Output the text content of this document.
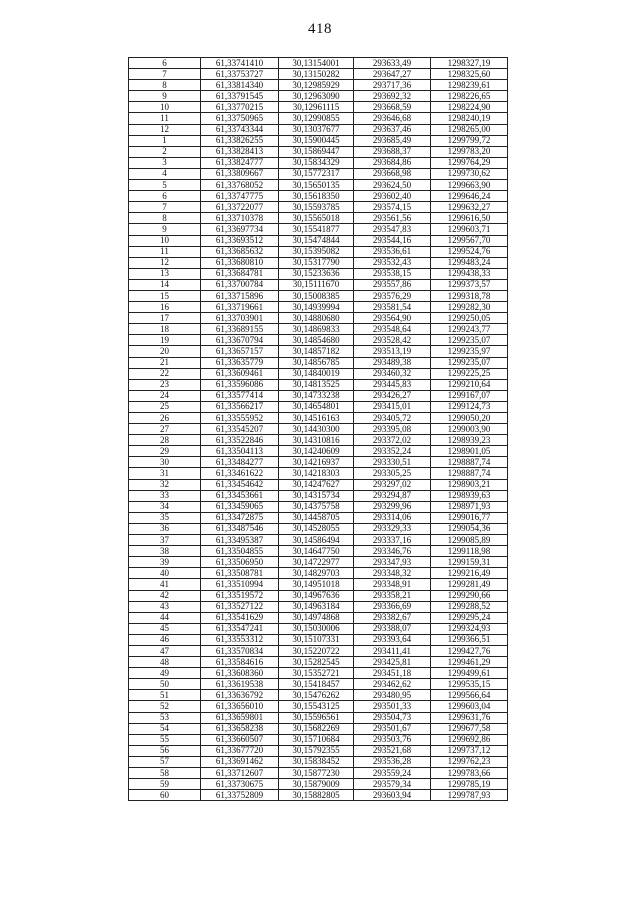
418
6	61,33741410	30,13154001	293633,49	1298327,19
7	61,33753727	30,13150282	293647,27	1298325,60
8	61,33814340	30,12985929	293717,36	1298239,61
9	61,33791545	30,12963090	293692,32	1298226,65
10	61,33770215	30,12961115	293668,59	1298224,90
11	61,33750965	30,12990855	293646,68	1298240,19
12	61,33743344	30,13037677	293637,46	1298265,00
1	61,33826255	30,15900445	293685,49	1299799,72
2	61,33828413	30,15869447	293688,37	1299783,20
3	61,33824777	30,15834329	293684,86	1299764,29
4	61,33809667	30,15772317	293668,98	1299730,62
5	61,33768052	30,15650135	293624,50	1299663,90
6	61,33747775	30,15618350	293602,40	1299646,24
7	61,33722077	30,15593785	293574,15	1299632,27
8	61,33710378	30,15565018	293561,56	1299616,50
9	61,33697734	30,15541877	293547,83	1299603,71
10	61,33693512	30,15474844	293544,16	1299567,70
11	61,33685632	30,15395082	293536,61	1299524,76
12	61,33680810	30,15317790	293532,43	1299483,24
13	61,33684781	30,15233636	293538,15	1299438,33
14	61,33700784	30,15111670	293557,86	1299373,57
15	61,33715896	30,15008385	293576,29	1299318,78
16	61,33719661	30,14939994	293581,54	1299282,30
17	61,33703901	30,14880680	293564,90	1299250,05
18	61,33689155	30,14869833	293548,64	1299243,77
19	61,33670794	30,14854680	293528,42	1299235,07
20	61,33657157	30,14857182	293513,19	1299235,97
21	61,33635779	30,14856785	293489,38	1299235,07
22	61,33609461	30,14840019	293460,32	1299225,25
23	61,33596086	30,14813525	293445,83	1299210,64
24	61,33577414	30,14733238	293426,27	1299167,07
25	61,33566217	30,14654801	293415,01	1299124,73
26	61,33555952	30,14516163	293405,72	1299050,20
27	61,33545207	30,14430300	293395,08	1299003,90
28	61,33522846	30,14310816	293372,02	1298939,23
29	61,33504113	30,14240609	293352,24	1298901,05
30	61,33484277	30,14216937	293330,51	1298887,74
31	61,33461622	30,14218303	293305,25	1298887,74
32	61,33454642	30,14247627	293297,02	1298903,21
33	61,33453661	30,14315734	293294,87	1298939,63
34	61,33459065	30,14375758	293299,96	1298971,93
35	61,33472875	30,14458705	293314,06	1299016,77
36	61,33487546	30,14528055	293329,33	1299054,36
37	61,33495387	30,14586494	293337,16	1299085,89
38	61,33504855	30,14647750	293346,76	1299118,98
39	61,33506950	30,14722977	293347,93	1299159,31
40	61,33508781	30,14829703	293348,32	1299216,49
41	61,33510994	30,14951018	293348,91	1299281,49
42	61,33519572	30,14967636	293358,21	1299290,66
43	61,33527122	30,14963184	293366,69	1299288,52
44	61,33541629	30,14974868	293382,67	1299295,24
45	61,33547241	30,15030006	293388,07	1299324,93
46	61,33553312	30,15107331	293393,64	1299366,51
47	61,33570834	30,15220722	293411,41	1299427,76
48	61,33584616	30,15282545	293425,81	1299461,29
49	61,33608360	30,15352721	293451,18	1299499,61
50	61,33619538	30,15418457	293462,62	1299535,15
51	61,33636792	30,15476262	293480,95	1299566,64
52	61,33656010	30,15543125	293501,33	1299603,04
53	61,33659801	30,15596561	293504,73	1299631,76
54	61,33658238	30,15682269	293501,67	1299677,58
55	61,33660507	30,15710684	293503,76	1299692,86
56	61,33677720	30,15792355	293521,68	1299737,12
57	61,33691462	30,15838452	293536,28	1299762,23
58	61,33712607	30,15877230	293559,24	1299783,66
59	61,33730675	30,15879009	293579,34	1299785,19
60	61,33752809	30,15882805	293603,94	1299787,93
